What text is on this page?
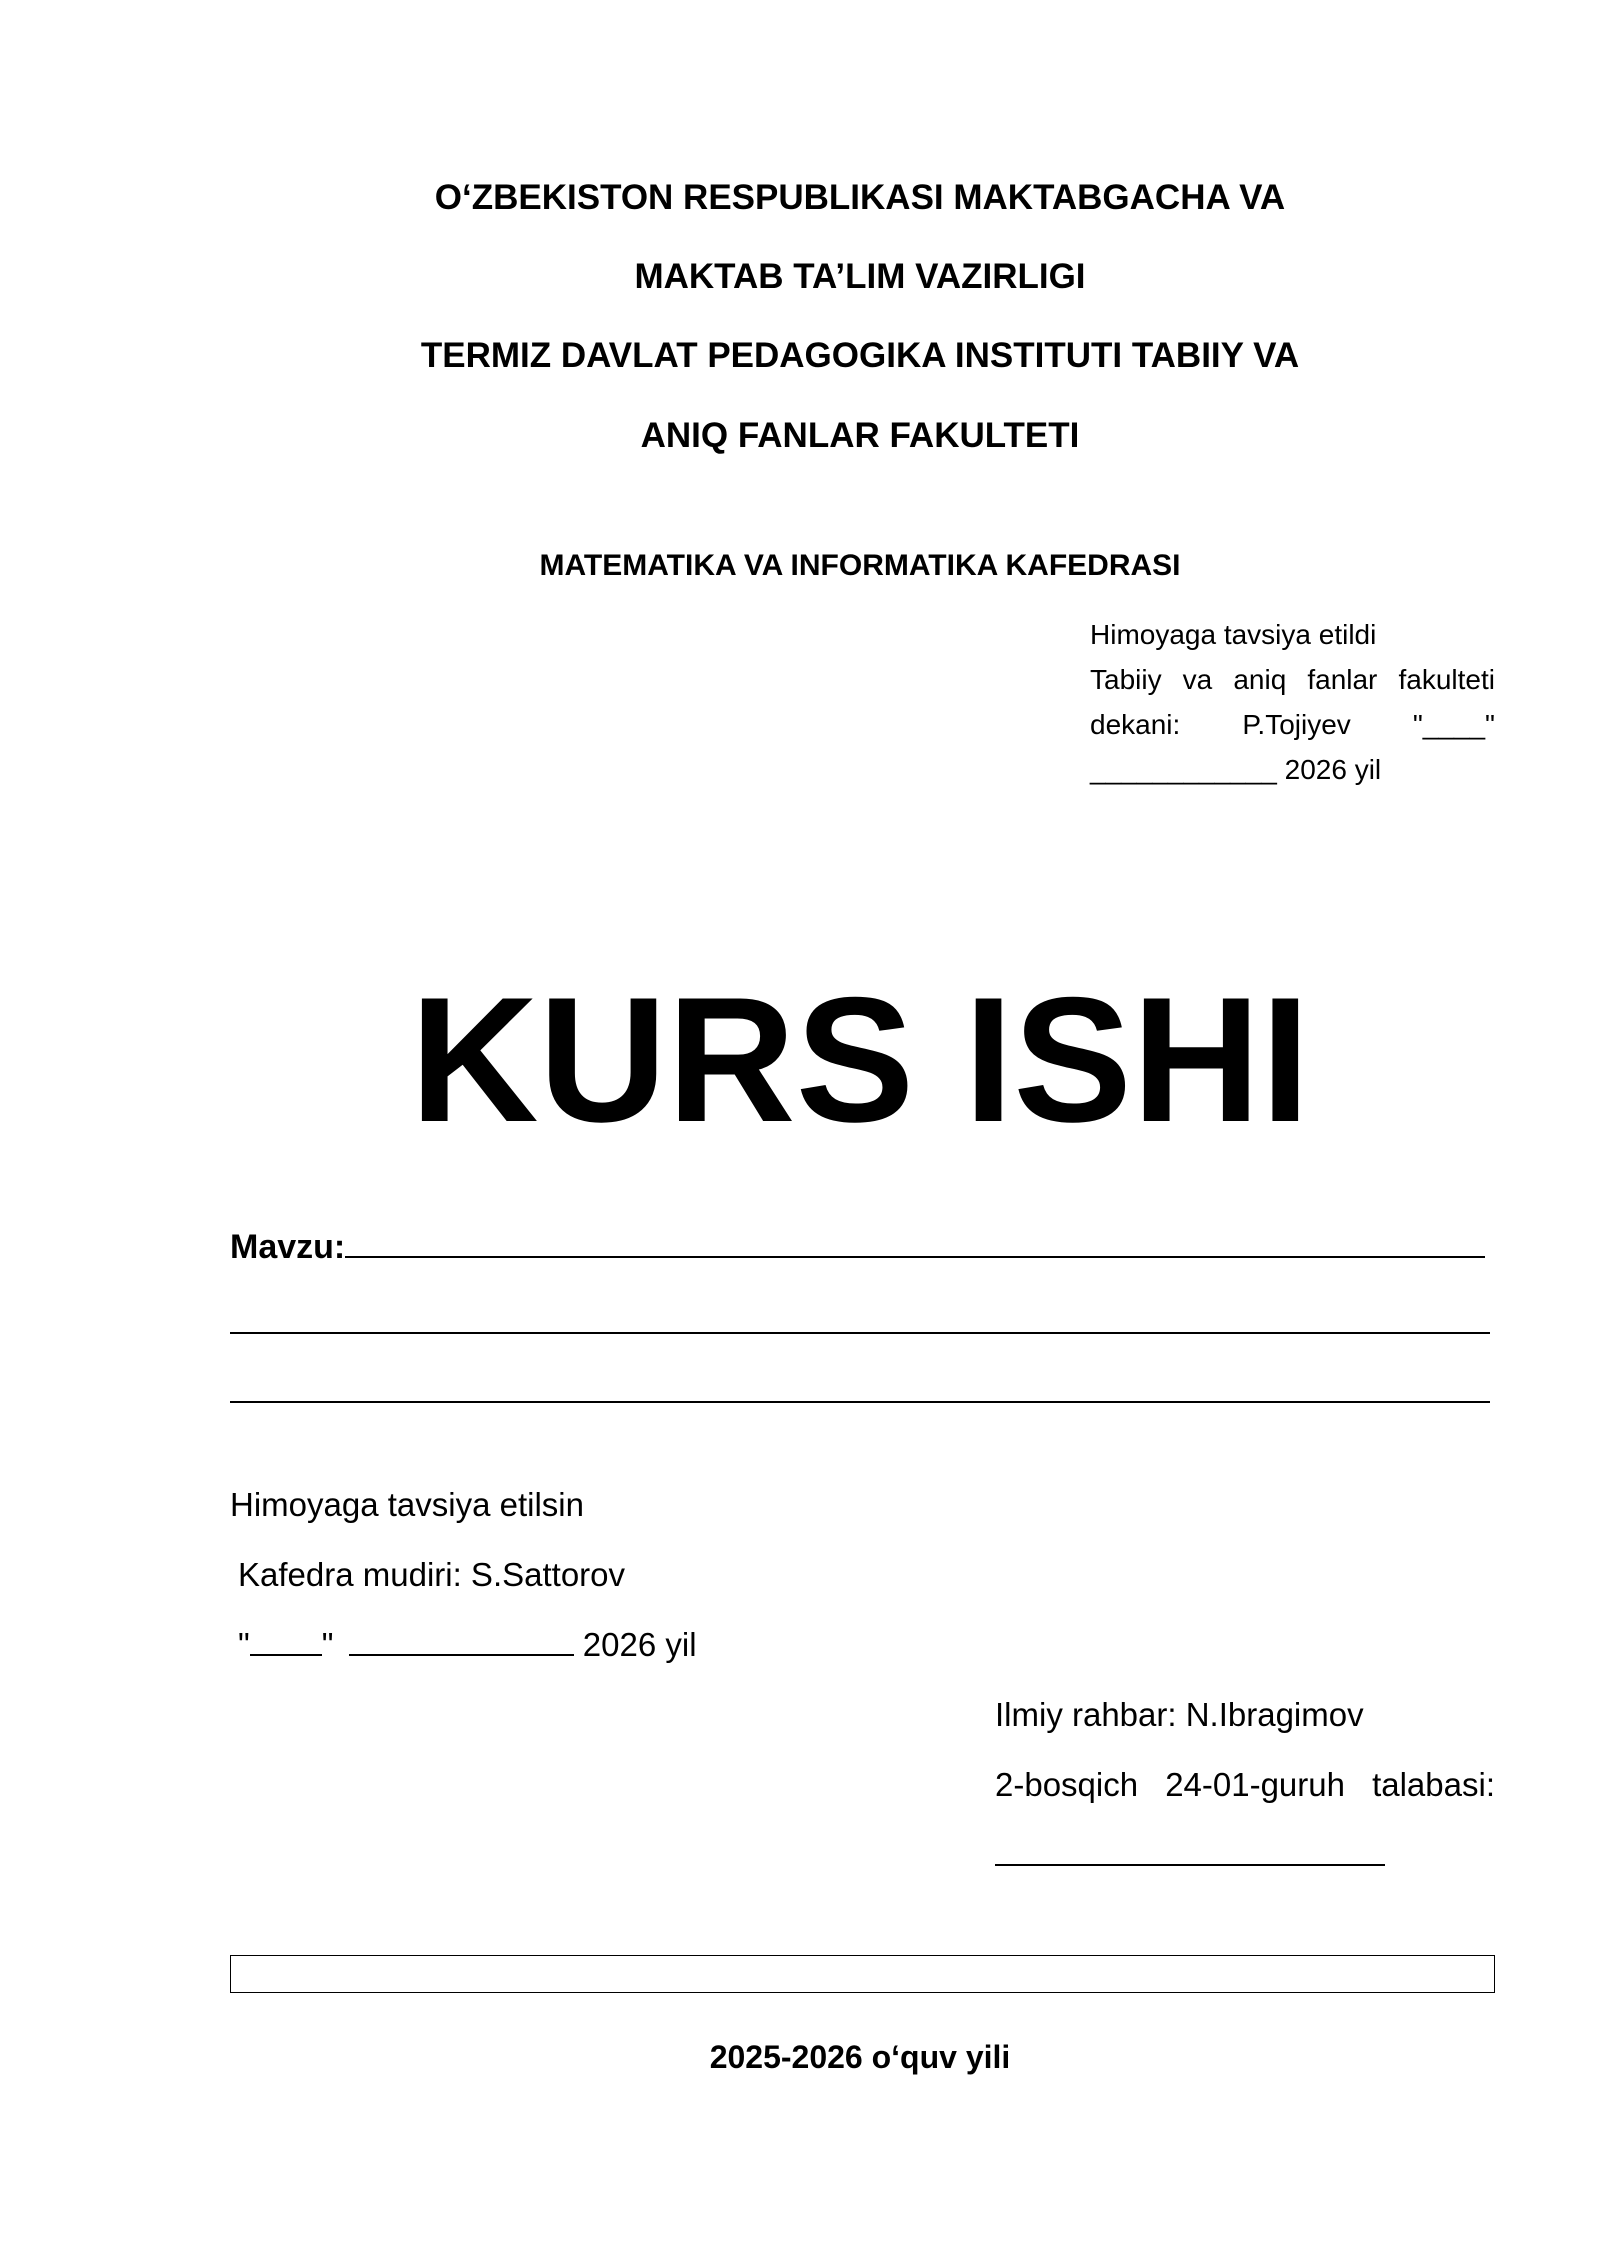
O‘ZBEKISTON RESPUBLIKASI MAKTABGACHA VA
MAKTAB TA’LIM VAZIRLIGI
TERMIZ DAVLAT PEDAGOGIKA INSTITUTI TABIIY VA
ANIQ FANLAR FAKULTETI
MATEMATIKA VA INFORMATIKA KAFEDRASI
Himoyaga tavsiya etildi
Tabiiy va aniq fanlar fakulteti
dekani: P.Tojiyev "____"
____________ 2026 yil
KURS ISHI
Mavzu:
Himoyaga tavsiya etilsin
Kafedra mudiri: S.Sattorov
" "	2026 yil
Ilmiy rahbar: N.Ibragimov
2-bosqich 24-01-guruh talabasi:
2025-2026 o‘quv yili
